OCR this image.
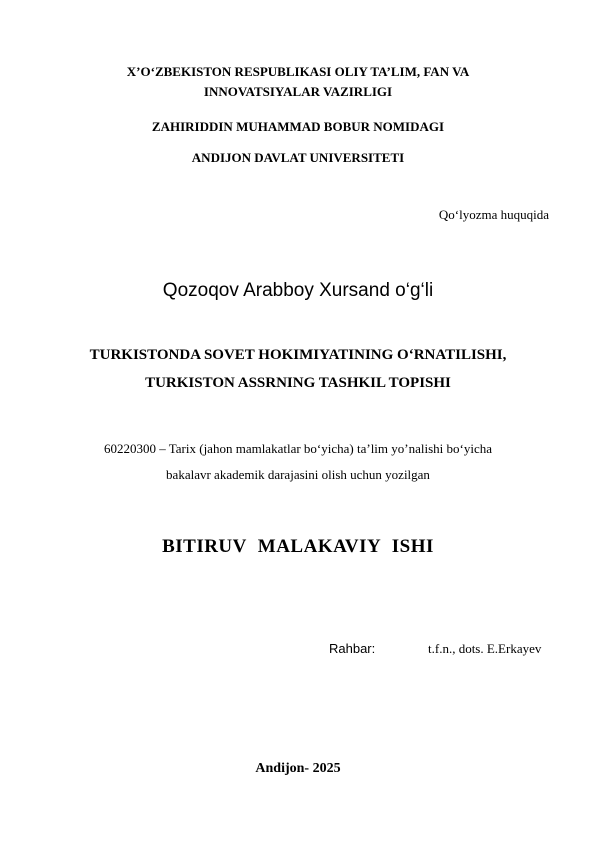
X’O‘ZBEKISTON RESPUBLIKASI OLIY TA’LIM, FAN VA
INNOVATSIYALAR VAZIRLIGI
ZAHIRIDDIN MUHAMMAD BOBUR NOMIDAGI
ANDIJON DAVLAT UNIVERSITETI
Qo‘lyozma huquqida
Qozoqov Arabboy Xursand o‘g‘li
TURKISTONDA SOVET HOKIMIYATINING O‘RNATILISHI,
TURKISTON ASSRNING TASHKIL TOPISHI
60220300 – Tarix (jahon mamlakatlar bo‘yicha) ta’lim yo’nalishi bo‘yicha
bakalavr akademik darajasini olish uchun yozilgan
BITIRUV MALAKAVIY ISHI
Rahbar:	t.f.n., dots. E.Erkayev
Andijon- 2025
